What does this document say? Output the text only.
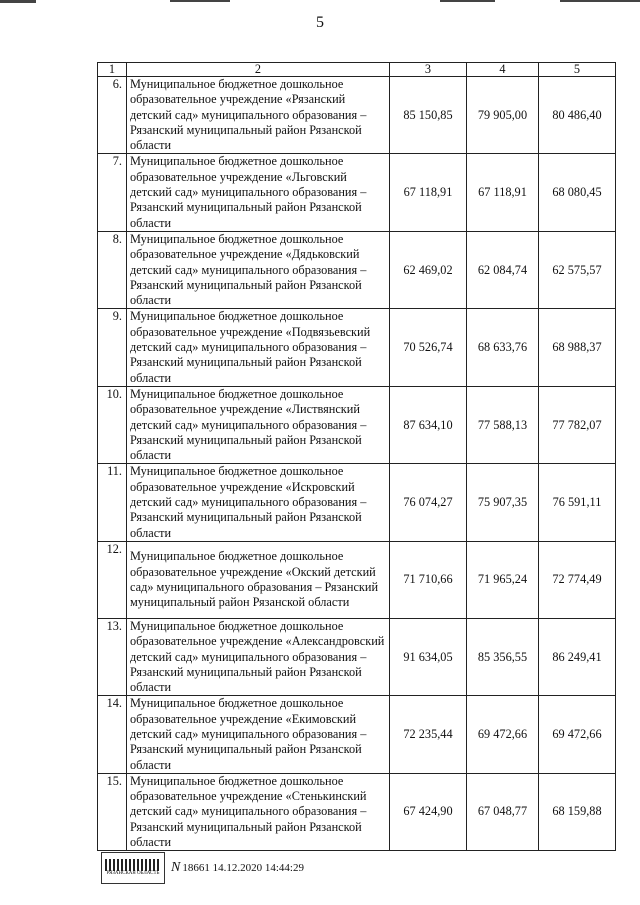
5
1	2	3	4	5
6.	Муниципальное бюджетное дошкольное образовательное учреждение «Рязанский детский сад» муниципального образования – Рязанский муниципальный район Рязанской области	85 150,85	79 905,00	80 486,40
7.	Муниципальное бюджетное дошкольное образовательное учреждение «Льговский детский сад» муниципального образования – Рязанский муниципальный район Рязанской области	67 118,91	67 118,91	68 080,45
8.	Муниципальное бюджетное дошкольное образовательное учреждение «Дядьковский детский сад» муниципального образования – Рязанский муниципальный район Рязанской области	62 469,02	62 084,74	62 575,57
9.	Муниципальное бюджетное дошкольное образовательное учреждение «Подвязьевский детский сад» муниципального образования – Рязанский муниципальный район Рязанской области	70 526,74	68 633,76	68 988,37
10.	Муниципальное бюджетное дошкольное образовательное учреждение «Листвянский детский сад» муниципального образования – Рязанский муниципальный район Рязанской области	87 634,10	77 588,13	77 782,07
11.	Муниципальное бюджетное дошкольное образовательное учреждение «Искровский детский сад» муниципального образования – Рязанский муниципальный район Рязанской области	76 074,27	75 907,35	76 591,11
12.	Муниципальное бюджетное дошкольное образовательное учреждение «Окский детский сад» муниципального образования – Рязанский муниципальный район Рязанской области	71 710,66	71 965,24	72 774,49
13.	Муниципальное бюджетное дошкольное образовательное учреждение «Александровский детский сад» муниципального образования – Рязанский муниципальный район Рязанской области	91 634,05	85 356,55	86 249,41
14.	Муниципальное бюджетное дошкольное образовательное учреждение «Екимовский детский сад» муниципального образования – Рязанский муниципальный район Рязанской области	72 235,44	69 472,66	69 472,66
15.	Муниципальное бюджетное дошкольное образовательное учреждение «Стенькинский детский сад» муниципального образования – Рязанский муниципальный район Рязанской области	67 424,90	67 048,77	68 159,88
РЯЗАНСКАЯ ОБЛАСТЬ N 18661 14.12.2020 14:44:29
